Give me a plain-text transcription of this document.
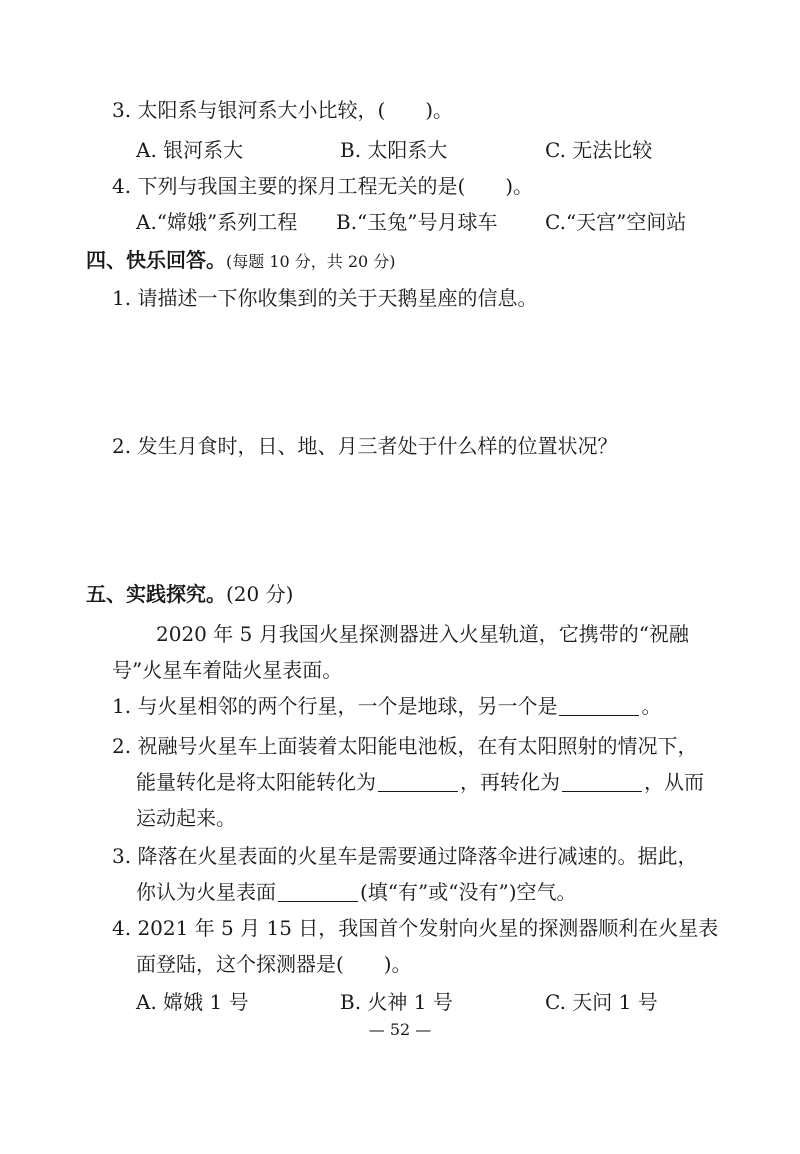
3. 太阳系与银河系大小比较，(　　)。
A. 银河系大	B. 太阳系大	C. 无法比较
4. 下列与我国主要的探月工程无关的是(　　)。
A.“嫦娥”系列工程 B.“玉兔”号月球车 C.“天宫”空间站
四、快乐回答。(每题 10 分，共 20 分)
1. 请描述一下你收集到的关于天鹅星座的信息。
2. 发生月食时，日、地、月三者处于什么样的位置状况？
五、实践探究。(20 分)
2020 年 5 月我国火星探测器进入火星轨道，它携带的“祝融
号”火星车着陆火星表面。
1. 与火星相邻的两个行星，一个是地球，另一个是	。
2. 祝融号火星车上面装着太阳能电池板，在有太阳照射的情况下，
能量转化是将太阳能转化为	，再转化为	，从而
运动起来。
3. 降落在火星表面的火星车是需要通过降落伞进行减速的。据此，
你认为火星表面	(填“有”或“没有”)空气。
4. 2021 年 5 月 15 日，我国首个发射向火星的探测器顺利在火星表
面登陆，这个探测器是(　　)。
A. 嫦娥 1 号	B. 火神 1 号	C. 天问 1 号
— 52 —
